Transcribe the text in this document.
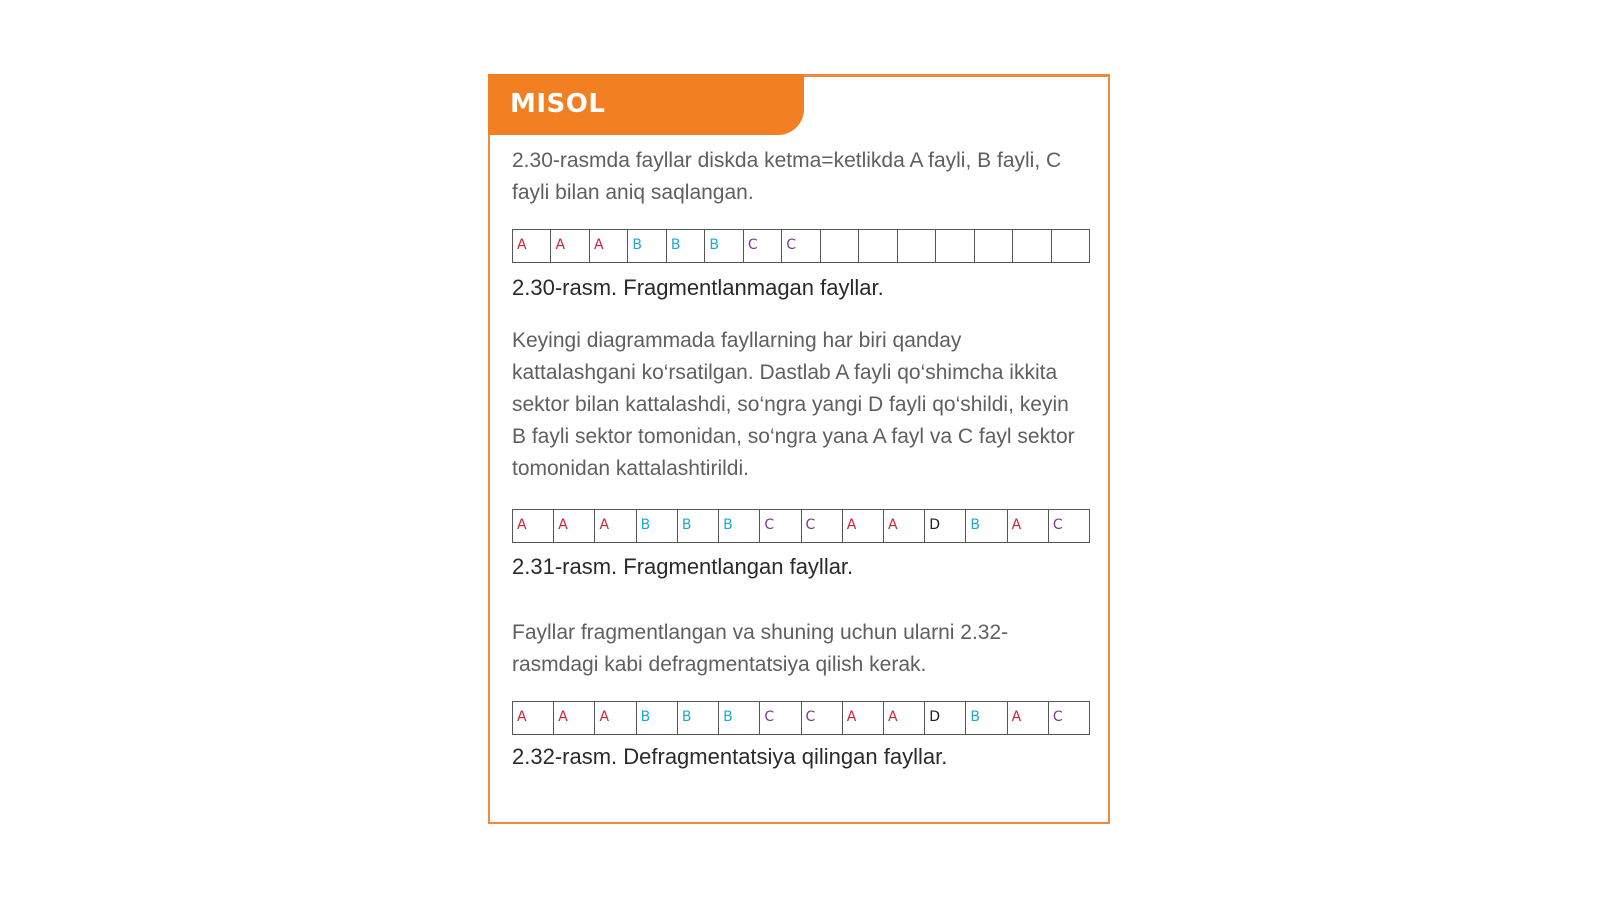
MISOL

2.30-rasmda fayllar diskda ketma=ketlikda A fayli, B fayli, C fayli bilan aniq saqlangan.

A	A	A	B	B	B	C	C

2.30-rasm. Fragmentlanmagan fayllar.

Keyingi diagrammada fayllarning har biri qanday kattalashgani ko‘rsatilgan. Dastlab A fayli qo‘shimcha ikkita sektor bilan kattalashdi, so‘ngra yangi D fayli qo‘shildi, keyin B fayli sektor tomonidan, so‘ngra yana A fayl va C fayl sektor tomonidan kattalashtirildi.

A	A	A	B	B	B	C	C	A	A	D	B	A	C

2.31-rasm. Fragmentlangan fayllar.

Fayllar fragmentlangan va shuning uchun ularni 2.32-rasmdagi kabi defragmentatsiya qilish kerak.

A	A	A	B	B	B	C	C	A	A	D	B	A	C

2.32-rasm. Defragmentatsiya qilingan fayllar.
